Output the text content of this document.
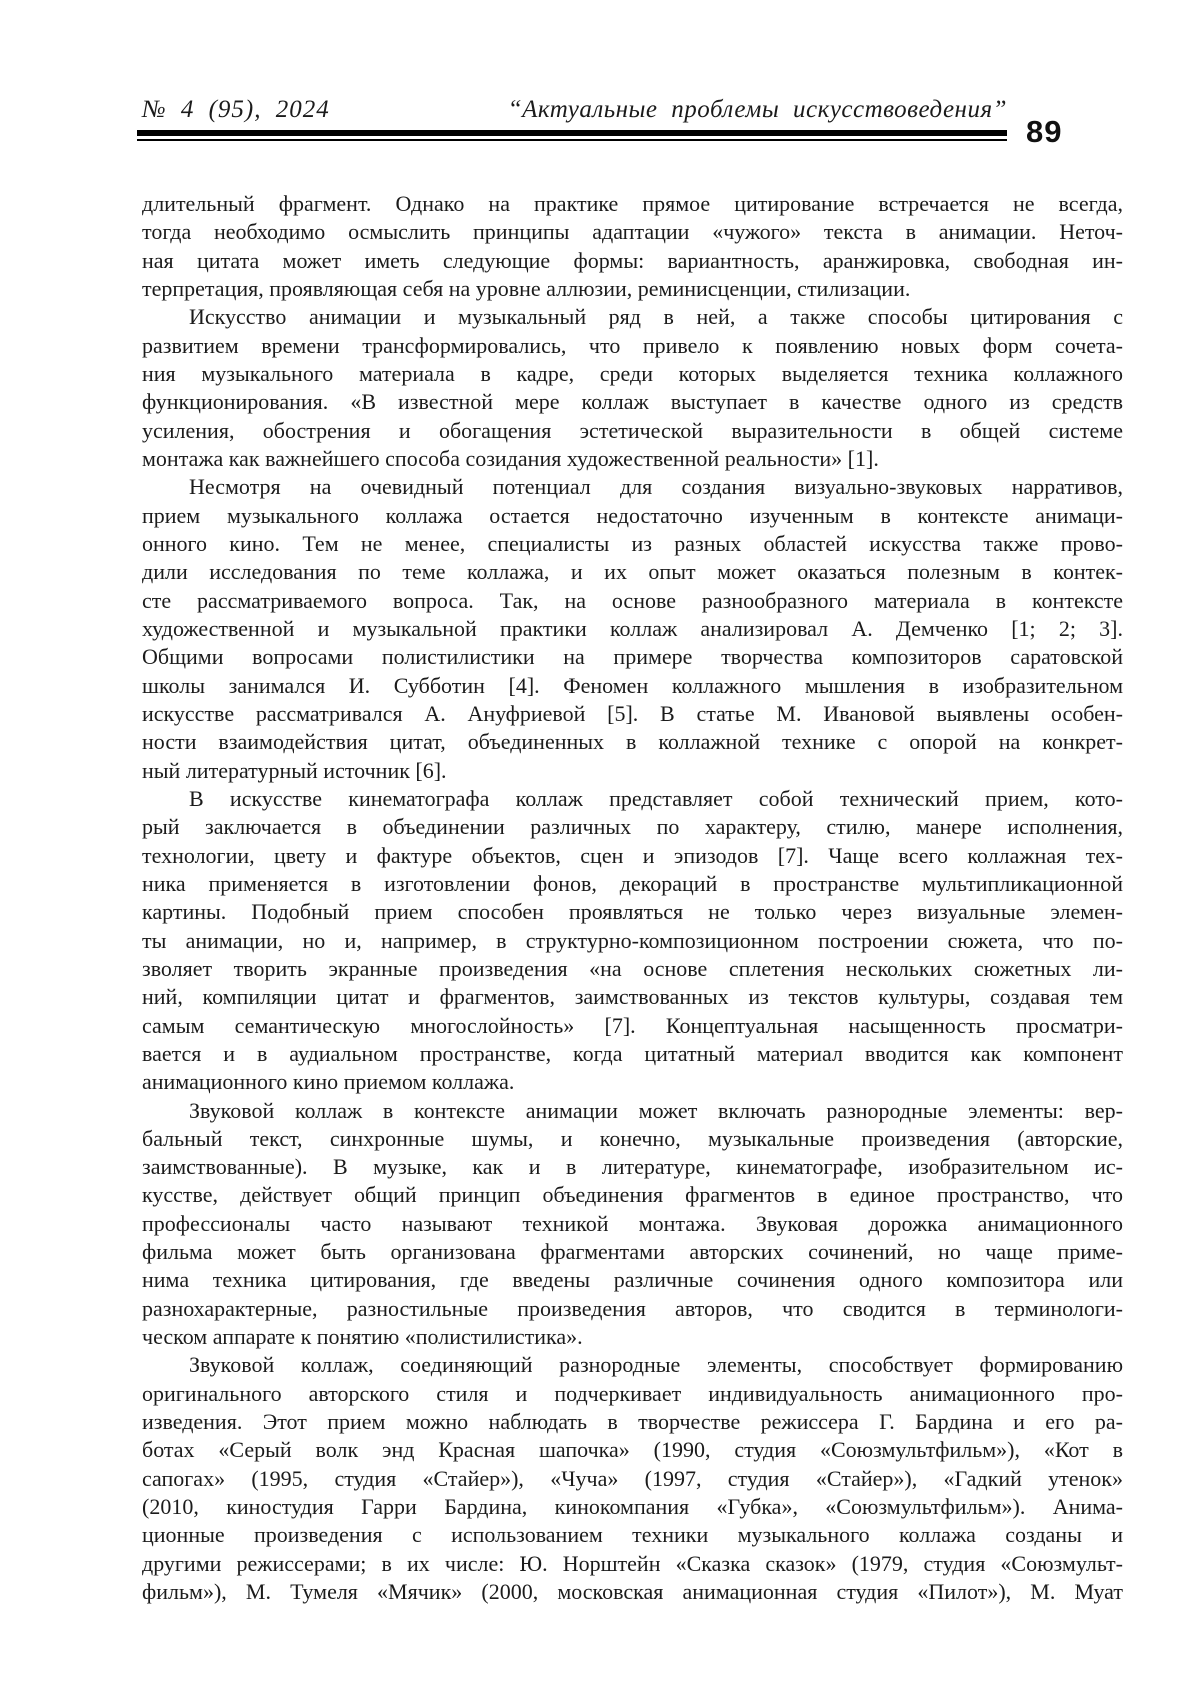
№ 4 (95), 2024	“Актуальные проблемы искусствоведения”
89
длительный фрагмент. Однако на практике прямое цитирование встречается не всегда,
тогда необходимо осмыслить принципы адаптации «чужого» текста в анимации. Неточ-
ная цитата может иметь следующие формы: вариантность, аранжировка, свободная ин-
терпретация, проявляющая себя на уровне аллюзии, реминисценции, стилизации.
Искусство анимации и музыкальный ряд в ней, а также способы цитирования с
развитием времени трансформировались, что привело к появлению новых форм сочета-
ния музыкального материала в кадре, среди которых выделяется техника коллажного
функционирования. «В известной мере коллаж выступает в качестве одного из средств
усиления, обострения и обогащения эстетической выразительности в общей системе
монтажа как важнейшего способа созидания художественной реальности» [1].
Несмотря на очевидный потенциал для создания визуально-звуковых нарративов,
прием музыкального коллажа остается недостаточно изученным в контексте анимаци-
онного кино. Тем не менее, специалисты из разных областей искусства также прово-
дили исследования по теме коллажа, и их опыт может оказаться полезным в контек-
сте рассматриваемого вопроса. Так, на основе разнообразного материала в контексте
художественной и музыкальной практики коллаж анализировал А. Демченко [1; 2; 3].
Общими вопросами полистилистики на примере творчества композиторов саратовской
школы занимался И. Субботин [4]. Феномен коллажного мышления в изобразительном
искусстве рассматривался А. Ануфриевой [5]. В статье М. Ивановой выявлены особен-
ности взаимодействия цитат, объединенных в коллажной технике с опорой на конкрет-
ный литературный источник [6].
В искусстве кинематографа коллаж представляет собой технический прием, кото-
рый заключается в объединении различных по характеру, стилю, манере исполнения,
технологии, цвету и фактуре объектов, сцен и эпизодов [7]. Чаще всего коллажная тех-
ника применяется в изготовлении фонов, декораций в пространстве мультипликационной
картины. Подобный прием способен проявляться не только через визуальные элемен-
ты анимации, но и, например, в структурно-композиционном построении сюжета, что по-
зволяет творить экранные произведения «на основе сплетения нескольких сюжетных ли-
ний, компиляции цитат и фрагментов, заимствованных из текстов культуры, создавая тем
самым семантическую многослойность» [7]. Концептуальная насыщенность просматри-
вается и в аудиальном пространстве, когда цитатный материал вводится как компонент
анимационного кино приемом коллажа.
Звуковой коллаж в контексте анимации может включать разнородные элементы: вер-
бальный текст, синхронные шумы, и конечно, музыкальные произведения (авторские,
заимствованные). В музыке, как и в литературе, кинематографе, изобразительном ис-
кусстве, действует общий принцип объединения фрагментов в единое пространство, что
профессионалы часто называют техникой монтажа. Звуковая дорожка анимационного
фильма может быть организована фрагментами авторских сочинений, но чаще приме-
нима техника цитирования, где введены различные сочинения одного композитора или
разнохарактерные, разностильные произведения авторов, что сводится в терминологи-
ческом аппарате к понятию «полистилистика».
Звуковой коллаж, соединяющий разнородные элементы, способствует формированию
оригинального авторского стиля и подчеркивает индивидуальность анимационного про-
изведения. Этот прием можно наблюдать в творчестве режиссера Г. Бардина и его ра-
ботах «Серый волк энд Красная шапочка» (1990, студия «Союзмультфильм»), «Кот в
сапогах» (1995, студия «Стайер»), «Чуча» (1997, студия «Стайер»), «Гадкий утенок»
(2010, киностудия Гарри Бардина, кинокомпания «Губка», «Союзмультфильм»). Анима-
ционные произведения с использованием техники музыкального коллажа созданы и
другими режиссерами; в их числе: Ю. Норштейн «Сказка сказок» (1979, студия «Союзмульт-
фильм»), М. Тумеля «Мячик» (2000, московская анимационная студия «Пилот»), М. Муат
